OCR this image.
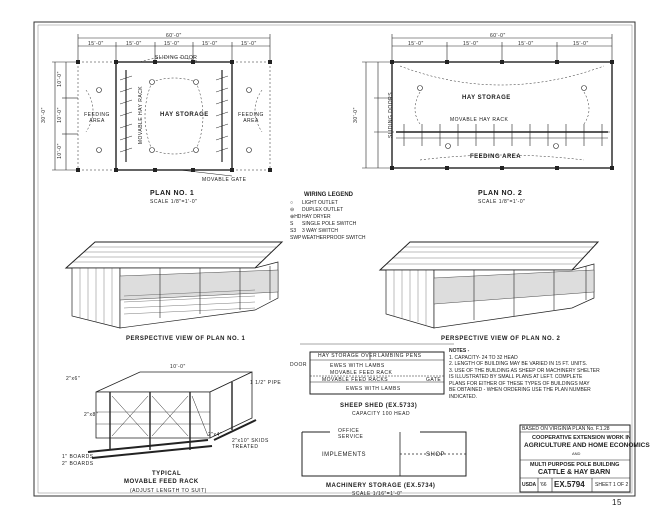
60'-0"
15'-0"	15'-0"	15'-0"	15'-0"	15'-0"
30'-0"
10'-0"
10'-0"
10'-0"
SLIDING DOOR
HAY STORAGE
MOVABLE HAY RACK
FEEDING AREA
FEEDING AREA
MOVABLE GATE
PLAN NO. 1
SCALE 1/8"=1'-0"
60'-0"
15'-0"	15'-0"	15'-0"	15'-0"
30'-0"	SLIDING DOORS	HAY STORAGE
MOVABLE HAY RACK
FEEDING AREA
PLAN NO. 2
SCALE 1/8"=1'-0"
WIRING LEGEND
○ LIGHT OUTLET
⊖ DUPLEX OUTLET
⊕HDHAY DRYER
S SINGLE POLE SWITCH
S3 3 WAY SWITCH
SWPWEATHERPROOF SWITCH
PERSPECTIVE VIEW OF PLAN NO. 1	PERSPECTIVE VIEW OF PLAN NO. 2
2"x6"
2"x8"
2"x4"
2"x10" SKIDS TREATED
1" BOARDS
2" BOARDS
1 1/2" PIPE
10'-0"
TYPICAL
MOVABLE FEED RACK
(ADJUST LENGTH TO SUIT)
HAY STORAGE OVER LAMBING PENS
EWES WITH LAMBS
MOVABLE FEED RACK
MOVABLE FEED RACKS
EWES WITH LAMBS
GATE
DOOR
SHEEP SHED (EX.5733)
CAPACITY 100 HEAD
OFFICE SERVICE
IMPLEMENTS	SHOP
MACHINERY STORAGE (EX.5734)
SCALE 1/16"=1'-0"
NOTES -
1. CAPACITY- 24 TO 32 HEAD
2. LENGTH OF BUILDING MAY BE VARIED IN 15 FT. UNITS.
3. USE OF THE BUILDING AS SHEEP OR MACHINERY SHELTER
IS ILLUSTRATED BY SMALL PLANS AT LEFT. COMPLETE
PLANS FOR EITHER OF THESE TYPES OF BUILDINGS MAY
BE OBTAINED - WHEN ORDERING USE THE PLAN NUMBER
INDICATED.
BASED ON VIRGINIA PLAN No. F.1.28
COOPERATIVE EXTENSION WORK IN
AGRICULTURE AND HOME ECONOMICS
AND
MULTI PURPOSE POLE BUILDING
CATTLE & HAY BARN
USDA '66 EX.5794 SHEET 1 OF 2
15
